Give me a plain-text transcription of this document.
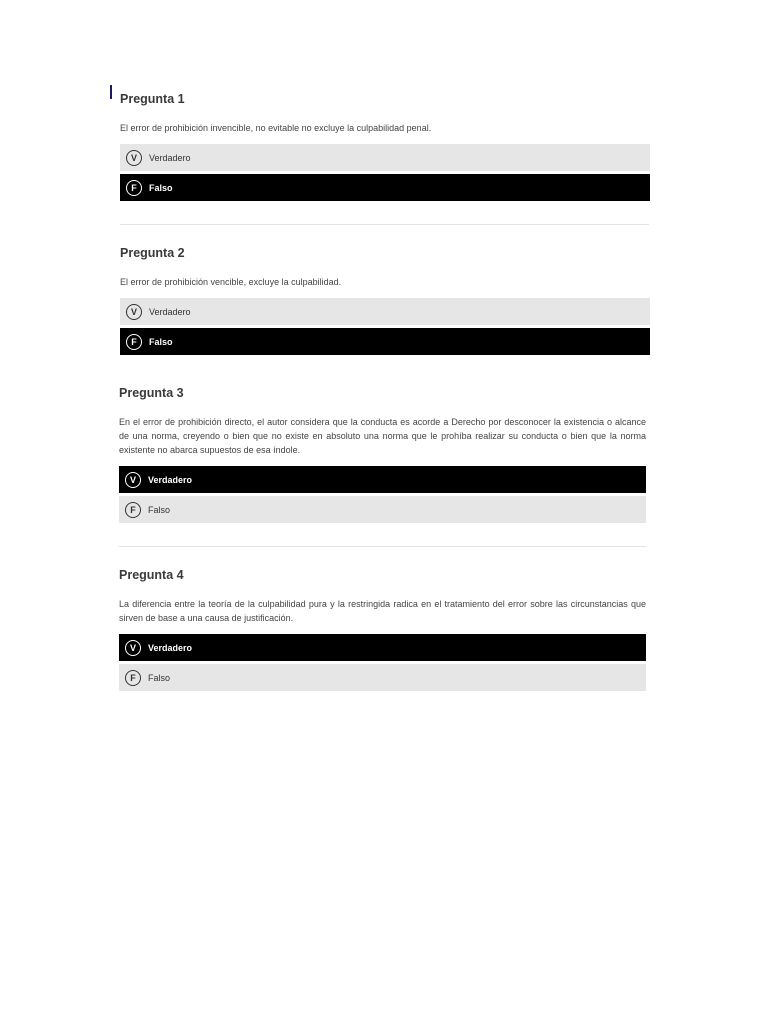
Pregunta 1
El error de prohibición invencible, no evitable no excluye la culpabilidad penal.
V	Verdadero
F	Falso
Pregunta 2
El error de prohibición vencible, excluye la culpabilidad.
V	Verdadero
F	Falso
Pregunta 3
En el error de prohibición directo, el autor considera que la conducta es acorde a Derecho por desconocer la existencia o alcance de una norma, creyendo o bien que no existe en absoluto una norma que le prohíba realizar su conducta o bien que la norma existente no abarca supuestos de esa índole.
V	Verdadero
F	Falso
Pregunta 4
La diferencia entre la teoría de la culpabilidad pura y la restringida radica en el tratamiento del error sobre las circunstancias que sirven de base a una causa de justificación.
V	Verdadero
F	Falso
